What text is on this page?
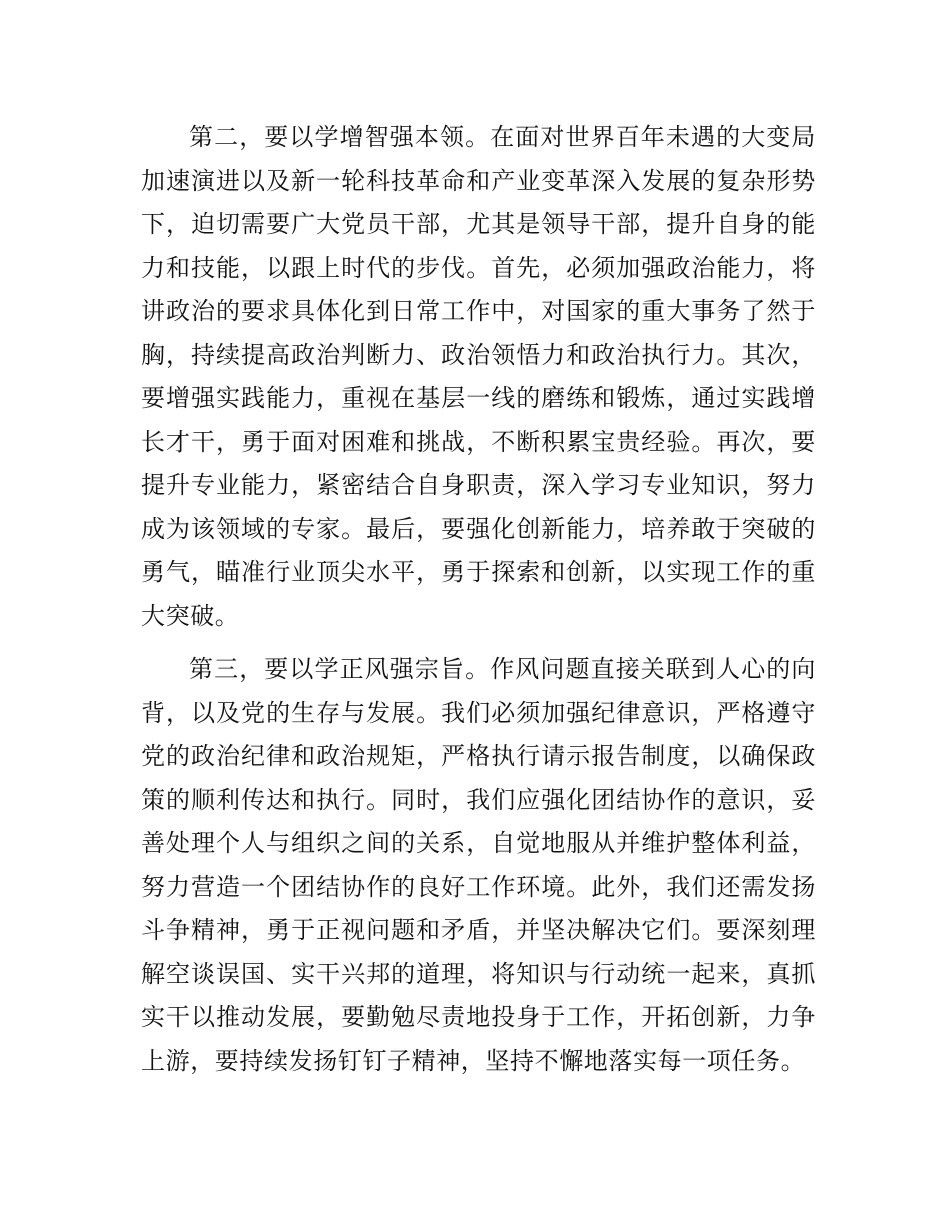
第二，要以学增智强本领。在面对世界百年未遇的大变局加速演进以及新一轮科技革命和产业变革深入发展的复杂形势下，迫切需要广大党员干部，尤其是领导干部，提升自身的能力和技能，以跟上时代的步伐。首先，必须加强政治能力，将讲政治的要求具体化到日常工作中，对国家的重大事务了然于胸，持续提高政治判断力、政治领悟力和政治执行力。其次，要增强实践能力，重视在基层一线的磨练和锻炼，通过实践增长才干，勇于面对困难和挑战，不断积累宝贵经验。再次，要提升专业能力，紧密结合自身职责，深入学习专业知识，努力成为该领域的专家。最后，要强化创新能力，培养敢于突破的勇气，瞄准行业顶尖水平，勇于探索和创新，以实现工作的重大突破。

第三，要以学正风强宗旨。作风问题直接关联到人心的向背，以及党的生存与发展。我们必须加强纪律意识，严格遵守党的政治纪律和政治规矩，严格执行请示报告制度，以确保政策的顺利传达和执行。同时，我们应强化团结协作的意识，妥善处理个人与组织之间的关系，自觉地服从并维护整体利益，努力营造一个团结协作的良好工作环境。此外，我们还需发扬斗争精神，勇于正视问题和矛盾，并坚决解决它们。要深刻理解空谈误国、实干兴邦的道理，将知识与行动统一起来，真抓实干以推动发展，要勤勉尽责地投身于工作，开拓创新，力争上游，要持续发扬钉钉子精神，坚持不懈地落实每一项任务。
